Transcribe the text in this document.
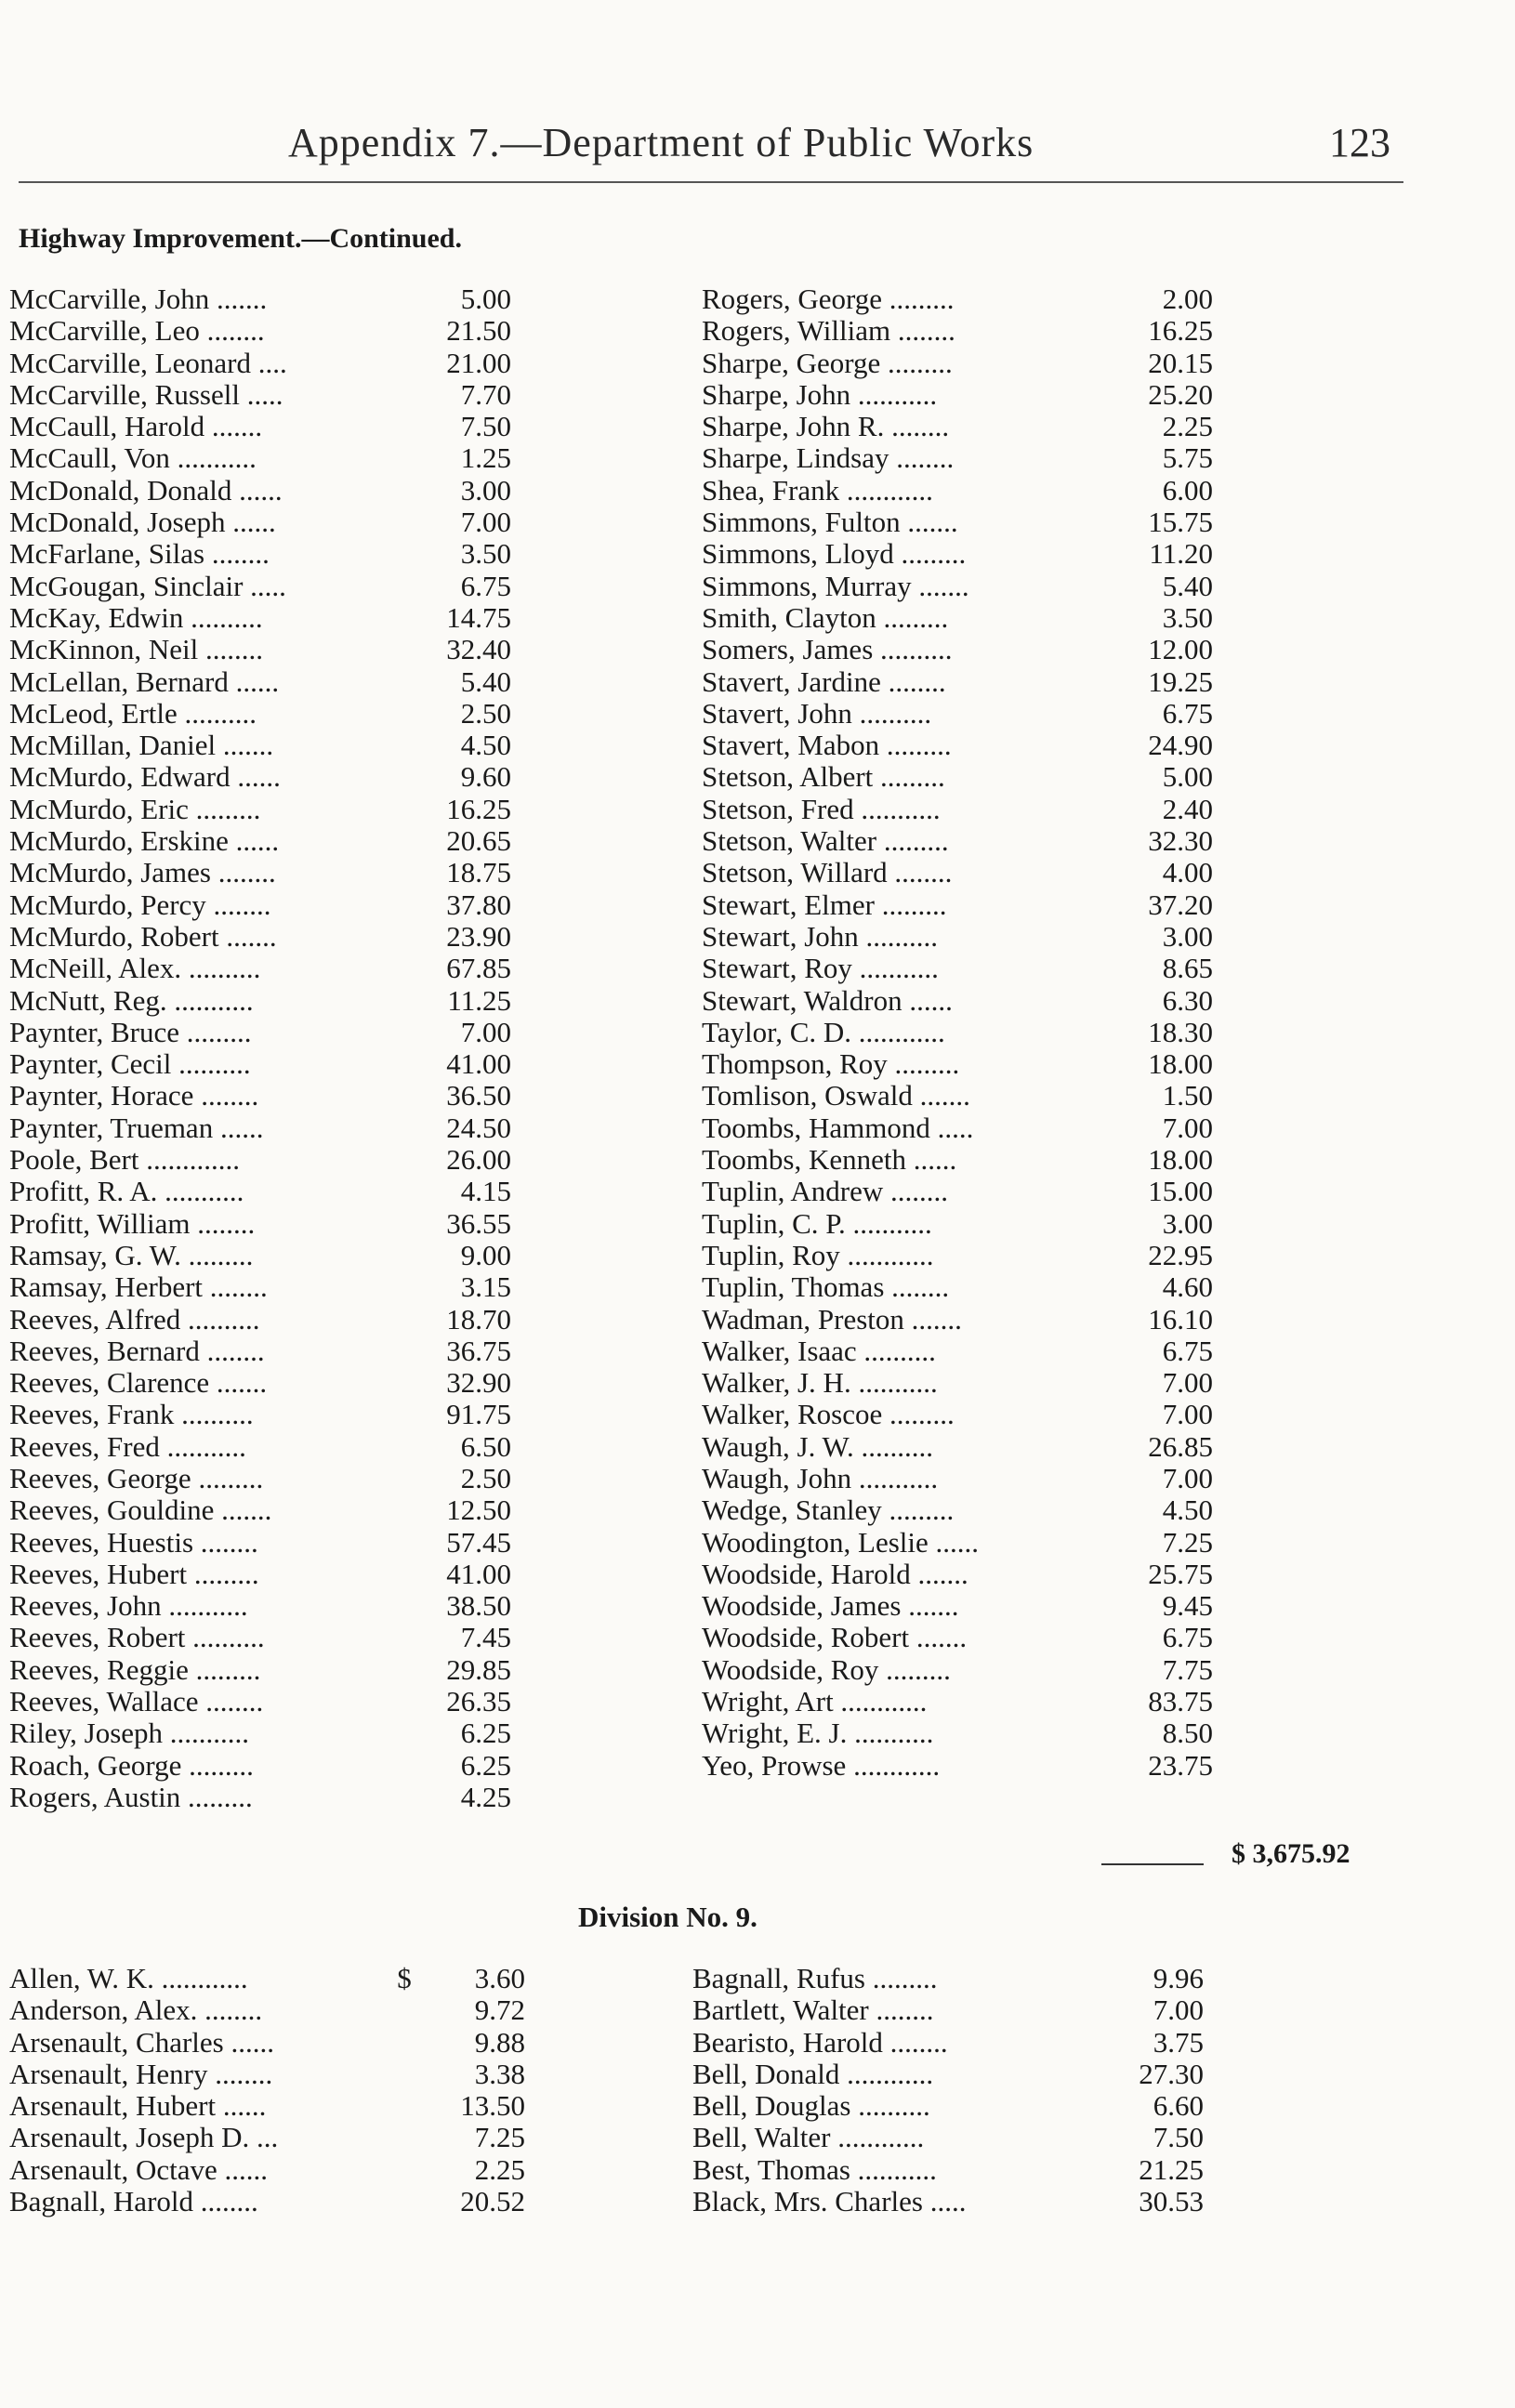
Appendix 7.—Department of Public Works	123
Highway Improvement.—Continued.
McCarville, John .......	5.00
McCarville, Leo ........	21.50
McCarville, Leonard ....	21.00
McCarville, Russell .....	7.70
McCaull, Harold .......	7.50
McCaull, Von ...........	1.25
McDonald, Donald ......	3.00
McDonald, Joseph ......	7.00
McFarlane, Silas ........	3.50
McGougan, Sinclair .....	6.75
McKay, Edwin ..........	14.75
McKinnon, Neil ........	32.40
McLellan, Bernard ......	5.40
McLeod, Ertle ..........	2.50
McMillan, Daniel .......	4.50
McMurdo, Edward ......	9.60
McMurdo, Eric .........	16.25
McMurdo, Erskine ......	20.65
McMurdo, James ........	18.75
McMurdo, Percy ........	37.80
McMurdo, Robert .......	23.90
McNeill, Alex. ..........	67.85
McNutt, Reg. ...........	11.25
Paynter, Bruce .........	7.00
Paynter, Cecil ..........	41.00
Paynter, Horace ........	36.50
Paynter, Trueman ......	24.50
Poole, Bert .............	26.00
Profitt, R. A. ...........	4.15
Profitt, William ........	36.55
Ramsay, G. W. .........	9.00
Ramsay, Herbert ........	3.15
Reeves, Alfred ..........	18.70
Reeves, Bernard ........	36.75
Reeves, Clarence .......	32.90
Reeves, Frank ..........	91.75
Reeves, Fred ...........	6.50
Reeves, George .........	2.50
Reeves, Gouldine .......	12.50
Reeves, Huestis ........	57.45
Reeves, Hubert .........	41.00
Reeves, John ...........	38.50
Reeves, Robert ..........	7.45
Reeves, Reggie .........	29.85
Reeves, Wallace ........	26.35
Riley, Joseph ...........	6.25
Roach, George .........	6.25
Rogers, Austin .........	4.25
Rogers, George .........	2.00
Rogers, William ........	16.25
Sharpe, George .........	20.15
Sharpe, John ...........	25.20
Sharpe, John R. ........	2.25
Sharpe, Lindsay ........	5.75
Shea, Frank ............	6.00
Simmons, Fulton .......	15.75
Simmons, Lloyd .........	11.20
Simmons, Murray .......	5.40
Smith, Clayton .........	3.50
Somers, James ..........	12.00
Stavert, Jardine ........	19.25
Stavert, John ..........	6.75
Stavert, Mabon .........	24.90
Stetson, Albert .........	5.00
Stetson, Fred ...........	2.40
Stetson, Walter .........	32.30
Stetson, Willard ........	4.00
Stewart, Elmer .........	37.20
Stewart, John ..........	3.00
Stewart, Roy ...........	8.65
Stewart, Waldron ......	6.30
Taylor, C. D. ............	18.30
Thompson, Roy .........	18.00
Tomlison, Oswald .......	1.50
Toombs, Hammond .....	7.00
Toombs, Kenneth ......	18.00
Tuplin, Andrew ........	15.00
Tuplin, C. P. ...........	3.00
Tuplin, Roy ............	22.95
Tuplin, Thomas ........	4.60
Wadman, Preston .......	16.10
Walker, Isaac ..........	6.75
Walker, J. H. ...........	7.00
Walker, Roscoe .........	7.00
Waugh, J. W. ..........	26.85
Waugh, John ...........	7.00
Wedge, Stanley .........	4.50
Woodington, Leslie ......	7.25
Woodside, Harold .......	25.75
Woodside, James .......	9.45
Woodside, Robert .......	6.75
Woodside, Roy .........	7.75
Wright, Art ............	83.75
Wright, E. J. ...........	8.50
Yeo, Prowse ............	23.75
$ 3,675.92
Division No. 9.
Allen, W. K. ............	$	3.60
Anderson, Alex. ........	9.72
Arsenault, Charles ......	9.88
Arsenault, Henry ........	3.38
Arsenault, Hubert ......	13.50
Arsenault, Joseph D. ...	7.25
Arsenault, Octave ......	2.25
Bagnall, Harold ........	20.52
Bagnall, Rufus .........	9.96
Bartlett, Walter ........	7.00
Bearisto, Harold ........	3.75
Bell, Donald ............	27.30
Bell, Douglas ..........	6.60
Bell, Walter ............	7.50
Best, Thomas ...........	21.25
Black, Mrs. Charles .....	30.53
